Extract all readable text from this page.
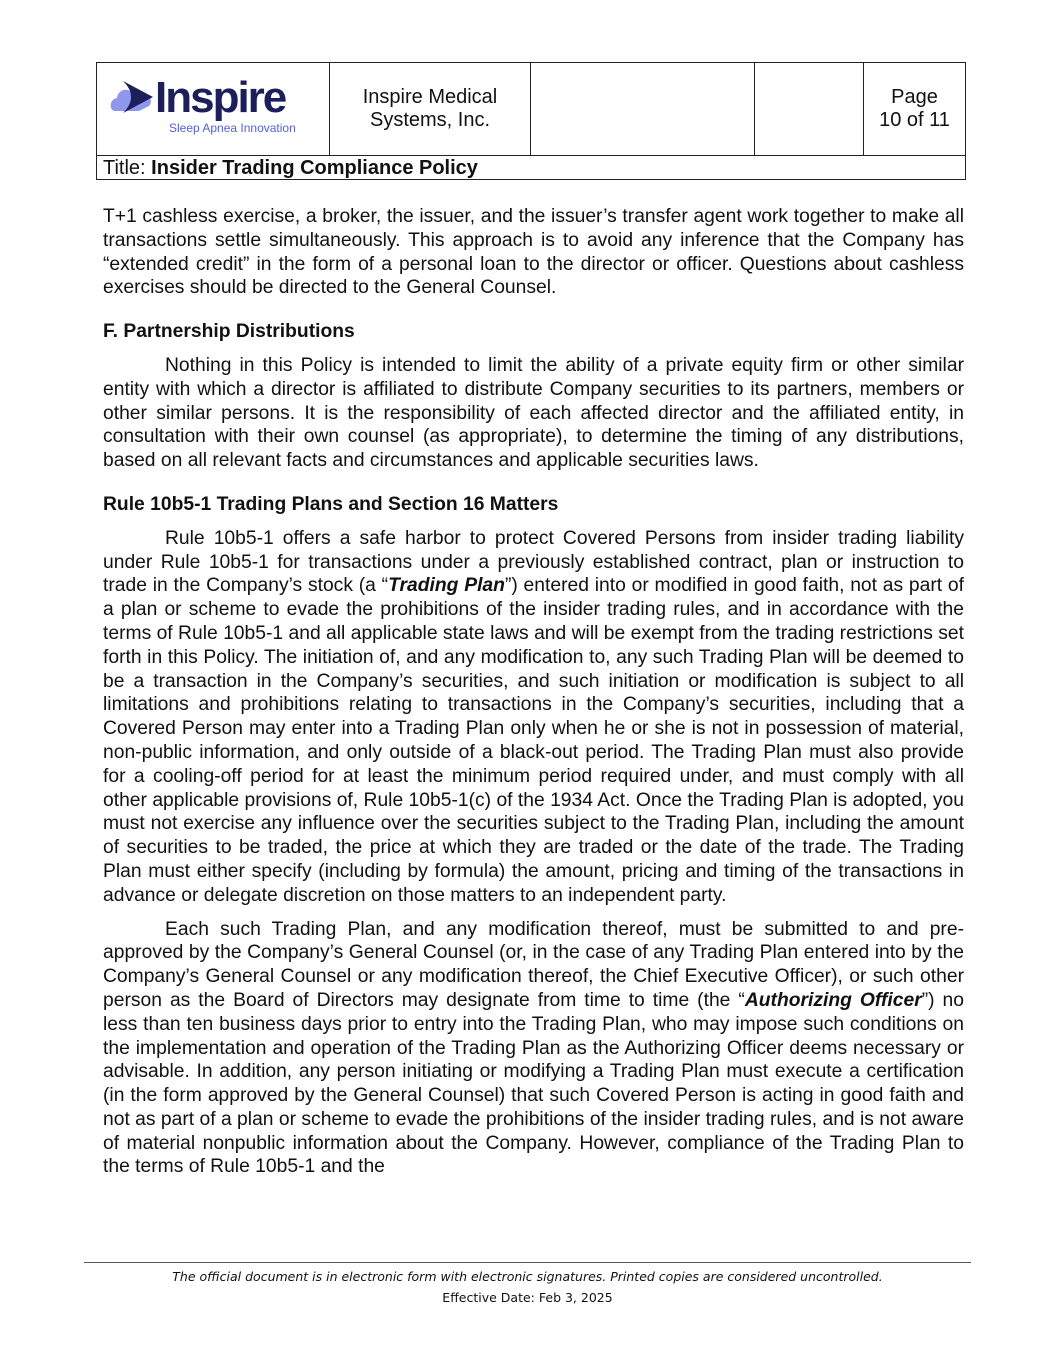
Inspire
Sleep Apnea Innovation
	Inspire Medical
Systems, Inc.			Page
10 of 11
Title: Insider Trading Compliance Policy

T+1 cashless exercise, a broker, the issuer, and the issuer’s transfer agent work together to make all transactions settle simultaneously. This approach is to avoid any inference that the Company has “extended credit” in the form of a personal loan to the director or officer. Questions about cashless exercises should be directed to the General Counsel.

F. Partnership Distributions

Nothing in this Policy is intended to limit the ability of a private equity firm or other similar entity with which a director is affiliated to distribute Company securities to its partners, members or other similar persons. It is the responsibility of each affected director and the affiliated entity, in consultation with their own counsel (as appropriate), to determine the timing of any distributions, based on all relevant facts and circumstances and applicable securities laws.

Rule 10b5-1 Trading Plans and Section 16 Matters

Rule 10b5-1 offers a safe harbor to protect Covered Persons from insider trading liability under Rule 10b5-1 for transactions under a previously established contract, plan or instruction to trade in the Company’s stock (a “Trading Plan”) entered into or modified in good faith, not as part of a plan or scheme to evade the prohibitions of the insider trading rules, and in accordance with the terms of Rule 10b5-1 and all applicable state laws and will be exempt from the trading restrictions set forth in this Policy. The initiation of, and any modification to, any such Trading Plan will be deemed to be a transaction in the Company’s securities, and such initiation or modification is subject to all limitations and prohibitions relating to transactions in the Company’s securities, including that a Covered Person may enter into a Trading Plan only when he or she is not in possession of material, non-public information, and only outside of a black-out period. The Trading Plan must also provide for a cooling-off period for at least the minimum period required under, and must comply with all other applicable provisions of, Rule 10b5-1(c) of the 1934 Act. Once the Trading Plan is adopted, you must not exercise any influence over the securities subject to the Trading Plan, including the amount of securities to be traded, the price at which they are traded or the date of the trade. The Trading Plan must either specify (including by formula) the amount, pricing and timing of the transactions in advance or delegate discretion on those matters to an independent party.

Each such Trading Plan, and any modification thereof, must be submitted to and pre-approved by the Company’s General Counsel (or, in the case of any Trading Plan entered into by the Company’s General Counsel or any modification thereof, the Chief Executive Officer), or such other person as the Board of Directors may designate from time to time (the “Authorizing Officer”) no less than ten business days prior to entry into the Trading Plan, who may impose such conditions on the implementation and operation of the Trading Plan as the Authorizing Officer deems necessary or advisable. In addition, any person initiating or modifying a Trading Plan must execute a certification (in the form approved by the General Counsel) that such Covered Person is acting in good faith and not as part of a plan or scheme to evade the prohibitions of the insider trading rules, and is not aware of material nonpublic information about the Company. However, compliance of the Trading Plan to the terms of Rule 10b5-1 and the

The official document is in electronic form with electronic signatures. Printed copies are considered uncontrolled.
Effective Date: Feb 3, 2025
